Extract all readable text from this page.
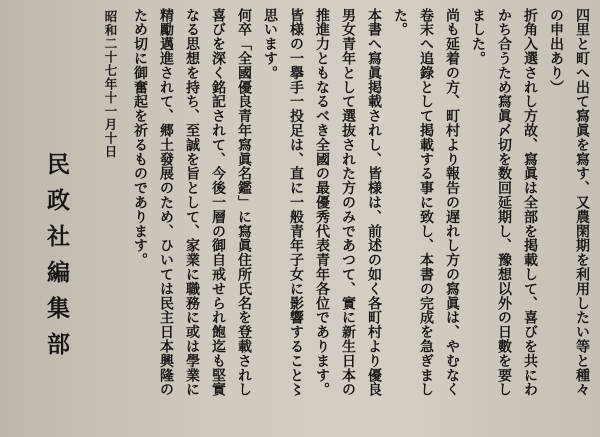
四里と町へ出て寫眞を寫す、又農閑期を利用したい等と種々
の申出あり）
折角入選されし方故、寫眞は全部を掲載して、喜びを共にわ
かち合うため寫眞〆切を数回延期し、豫想以外の日數を要し
ました。
尚も延着の方、町村より報告の遅れし方の寫眞は、やむなく
卷末へ追錄として掲載する事に致し、本書の完成を急ぎまし
た。
本書へ寫眞掲載されし、皆様は、前述の如く各町村より優良
男女青年として選抜された方のみであつて、實に新生日本の
推進力ともなるべき全國の最優秀代表青年各位であります。
皆様の一擧手一投足は、直に一般青年子女に影響すること〻
思います。
何卒「全國優良青年寫眞名鑑」に寫眞住所氏名を登載されし
喜びを深く銘記されて、今後一層の御自戒せられ飽迄も堅實
なる思想を持ち、至誠を旨として、家業に職務に或は學業に
精勵邁進されて、郷土發展のため、ひいては民主日本興隆の
ため切に御奮起を祈るものであります。
昭和二十七年十一月十日
民政社編集部
